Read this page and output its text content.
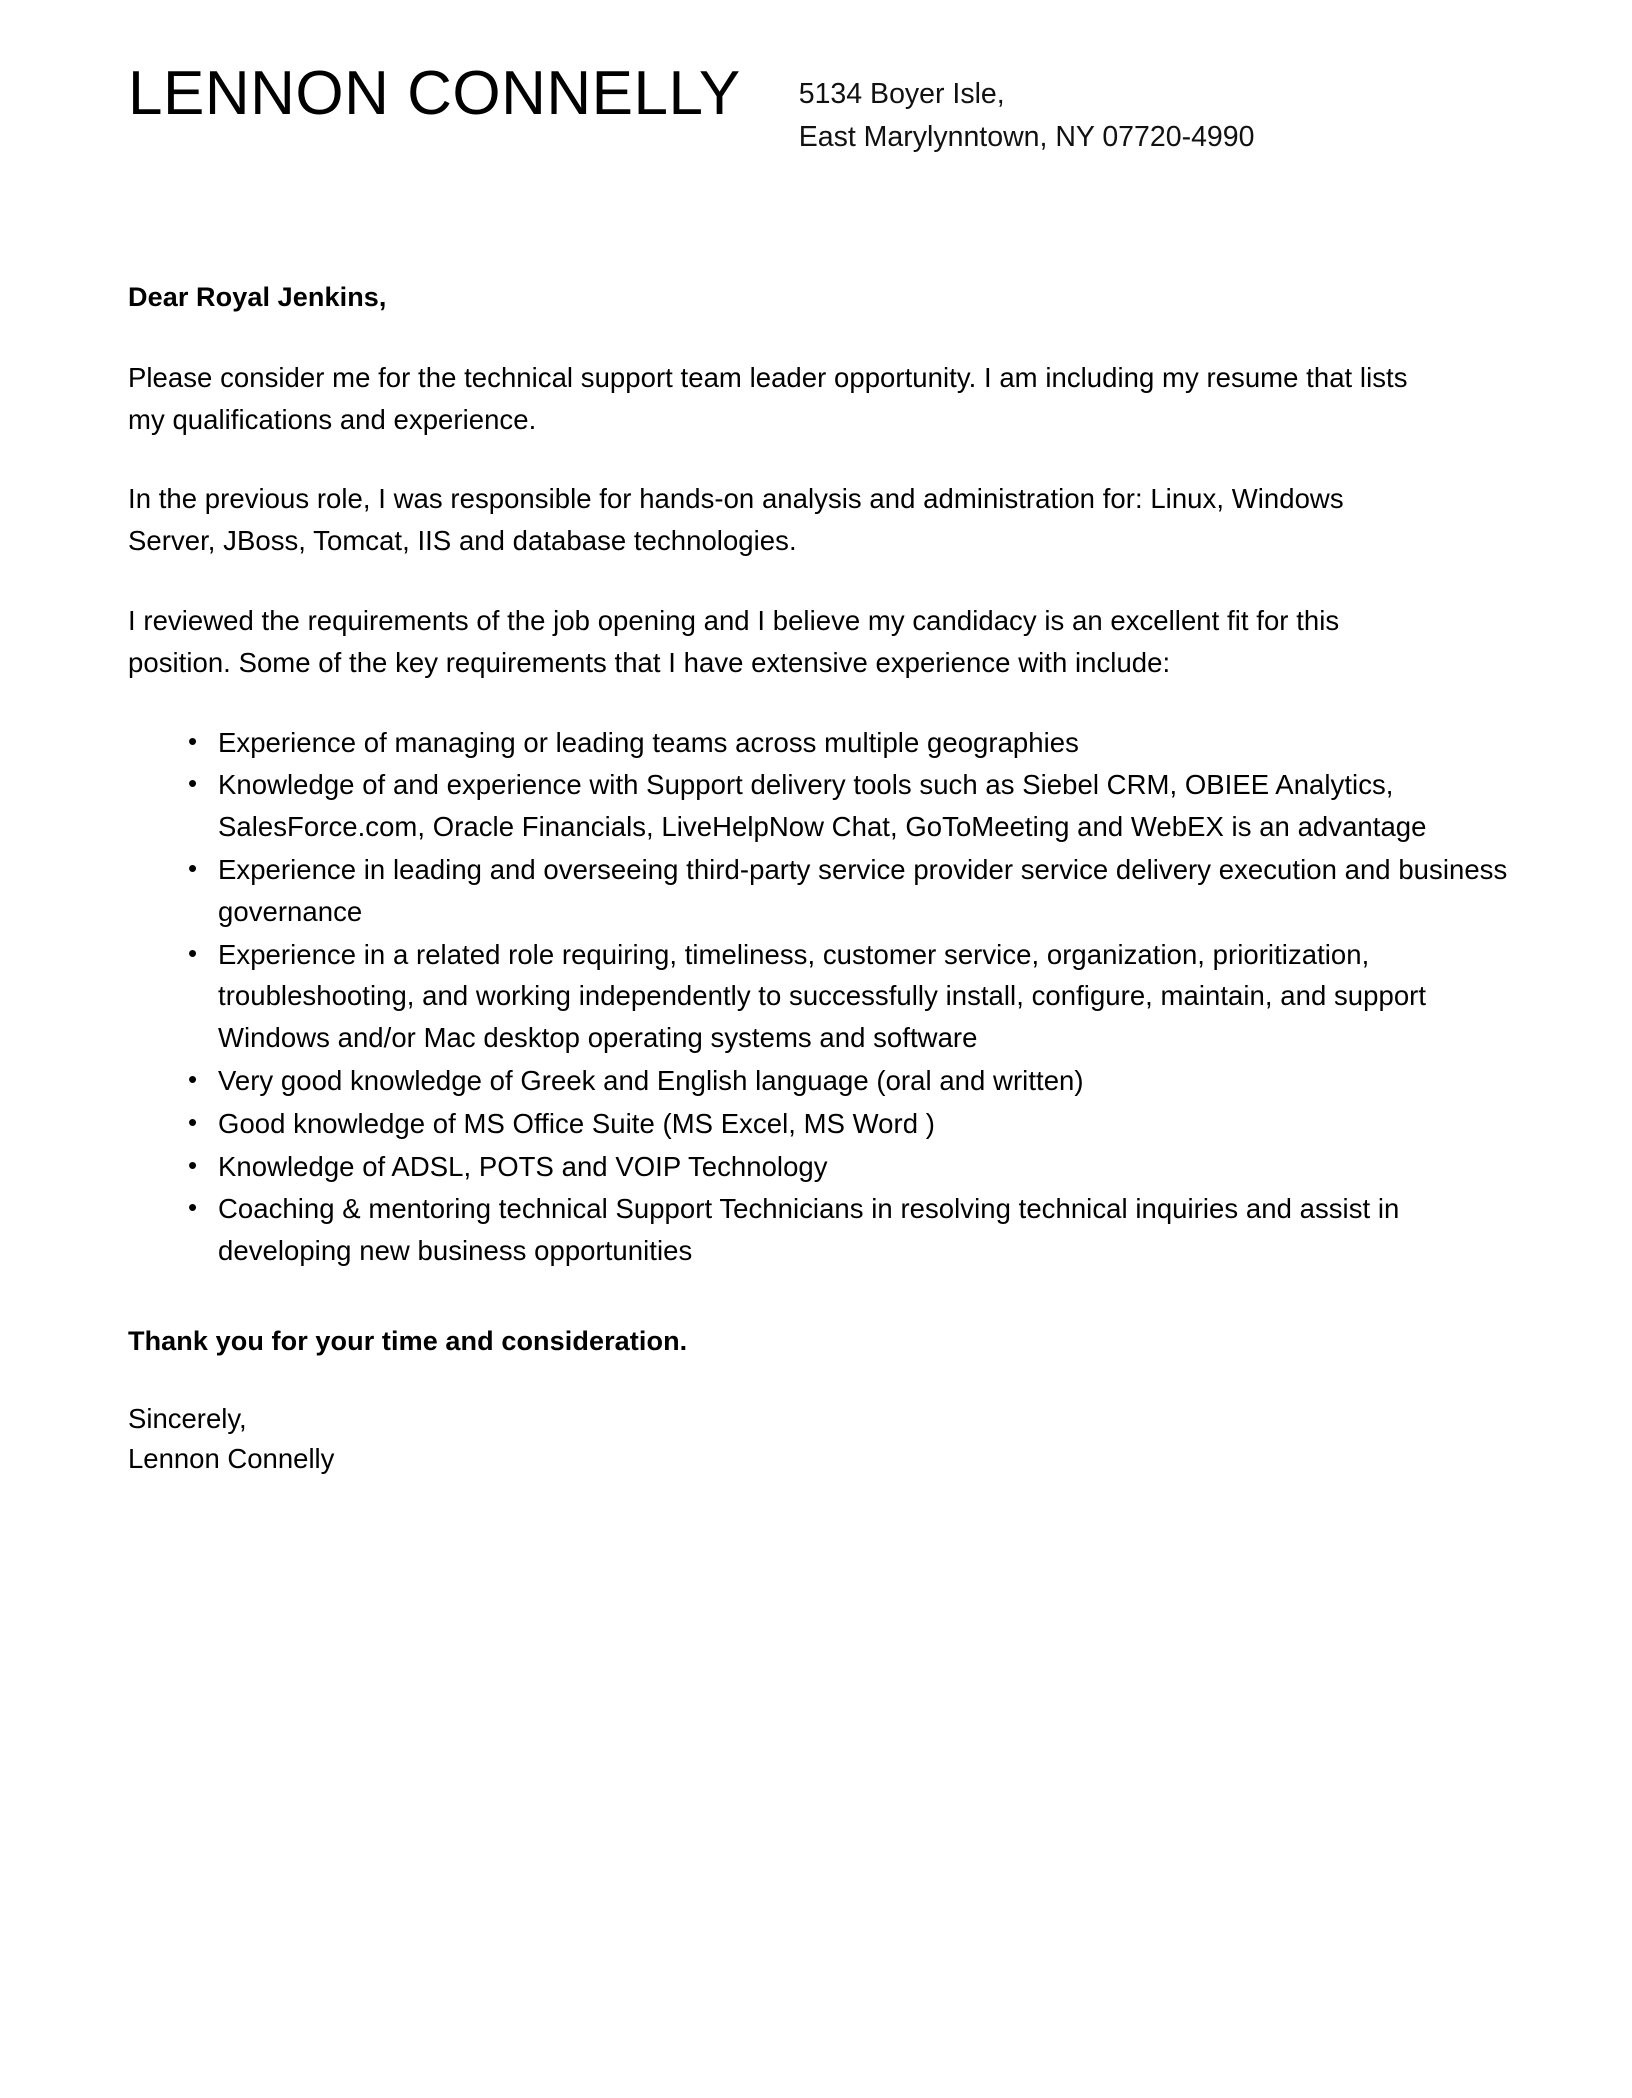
LENNON CONNELLY 5134 Boyer Isle,
East Marylynntown, NY 07720-4990

Dear Royal Jenkins,

Please consider me for the technical support team leader opportunity. I am including my resume that lists my qualifications and experience.

In the previous role, I was responsible for hands-on analysis and administration for: Linux, Windows Server, JBoss, Tomcat, IIS and database technologies.

I reviewed the requirements of the job opening and I believe my candidacy is an excellent fit for this position. Some of the key requirements that I have extensive experience with include:

• Experience of managing or leading teams across multiple geographies
• Knowledge of and experience with Support delivery tools such as Siebel CRM, OBIEE Analytics, SalesForce.com, Oracle Financials, LiveHelpNow Chat, GoToMeeting and WebEX is an advantage
• Experience in leading and overseeing third-party service provider service delivery execution and business governance
• Experience in a related role requiring, timeliness, customer service, organization, prioritization, troubleshooting, and working independently to successfully install, configure, maintain, and support Windows and/or Mac desktop operating systems and software
• Very good knowledge of Greek and English language (oral and written)
• Good knowledge of MS Office Suite (MS Excel, MS Word )
• Knowledge of ADSL, POTS and VOIP Technology
• Coaching & mentoring technical Support Technicians in resolving technical inquiries and assist in developing new business opportunities

Thank you for your time and consideration.

Sincerely,
Lennon Connelly
